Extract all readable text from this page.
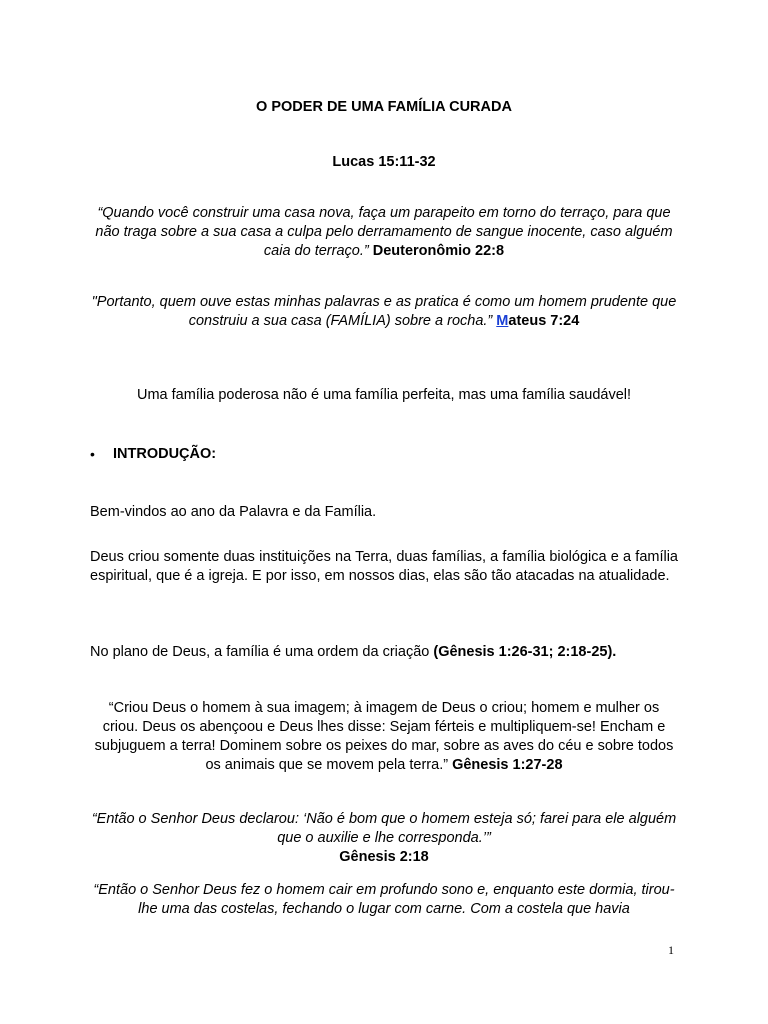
O PODER DE UMA FAMÍLIA CURADA
Lucas 15:11-32
“Quando você construir uma casa nova, faça um parapeito em torno do terraço, para que não traga sobre a sua casa a culpa pelo derramamento de sangue inocente, caso alguém caia do terraço.” Deuteronômio 22:8
"Portanto, quem ouve estas minhas palavras e as pratica é como um homem prudente que construiu a sua casa (FAMÍLIA) sobre a rocha.” Mateus 7:24
Uma família poderosa não é uma família perfeita, mas uma família saudável!
•	INTRODUÇÃO:
Bem-vindos ao ano da Palavra e da Família.
Deus criou somente duas instituições na Terra, duas famílias, a família biológica e a família espiritual, que é a igreja. E por isso, em nossos dias, elas são tão atacadas na atualidade.
No plano de Deus, a família é uma ordem da criação (Gênesis 1:26-31; 2:18-25).
“Criou Deus o homem à sua imagem; à imagem de Deus o criou; homem e mulher os criou. Deus os abençoou e Deus lhes disse: Sejam férteis e multipliquem-se! Encham e subjuguem a terra! Dominem sobre os peixes do mar, sobre as aves do céu e sobre todos os animais que se movem pela terra.” Gênesis 1:27-28
“Então o Senhor Deus declarou: ‘Não é bom que o homem esteja só; farei para ele alguém que o auxilie e lhe corresponda.’”
Gênesis 2:18
“Então o Senhor Deus fez o homem cair em profundo sono e, enquanto este dormia, tirou-lhe uma das costelas, fechando o lugar com carne. Com a costela que havia
1
